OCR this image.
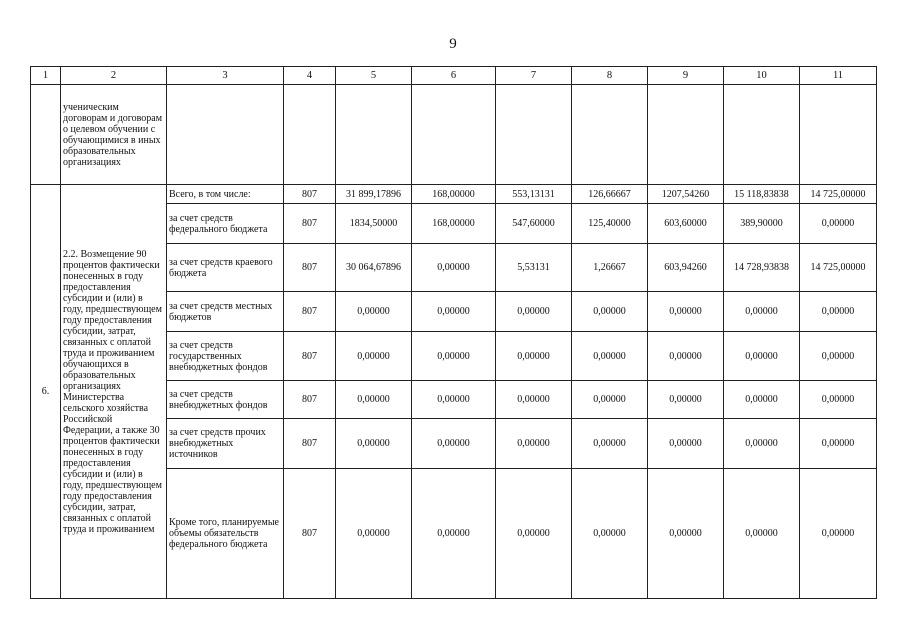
9
1	2	3	4	5	6	7	8	9	10	11
	ученическим договорам и договорам о целевом обучении с обучающимися в иных образовательных организациях									
6.	2.2. Возмещение 90 процентов фактически понесенных в году предоставления субсидии и (или) в году, предшествующем году предоставления субсидии, затрат, связанных с оплатой труда и проживанием обучающихся в образовательных организациях Министерства сельского хозяйства Российской Федерации, а также 30 процентов фактически понесенных в году предоставления субсидии и (или) в году, предшествующем году предоставления субсидии, затрат, связанных с оплатой труда и проживанием	Всего, в том числе:	807	31 899,17896	168,00000	553,13131	126,66667	1207,54260	15 118,83838	14 725,00000
		за счет средств федерального бюджета	807	1834,50000	168,00000	547,60000	125,40000	603,60000	389,90000	0,00000
		за счет средств краевого бюджета	807	30 064,67896	0,00000	5,53131	1,26667	603,94260	14 728,93838	14 725,00000
		за счет средств местных бюджетов	807	0,00000	0,00000	0,00000	0,00000	0,00000	0,00000	0,00000
		за счет средств государственных внебюджетных фондов	807	0,00000	0,00000	0,00000	0,00000	0,00000	0,00000	0,00000
		за счет средств внебюджетных фондов	807	0,00000	0,00000	0,00000	0,00000	0,00000	0,00000	0,00000
		за счет средств прочих внебюджетных источников	807	0,00000	0,00000	0,00000	0,00000	0,00000	0,00000	0,00000
		Кроме того, планируемые объемы обязательств федерального бюджета	807	0,00000	0,00000	0,00000	0,00000	0,00000	0,00000	0,00000
